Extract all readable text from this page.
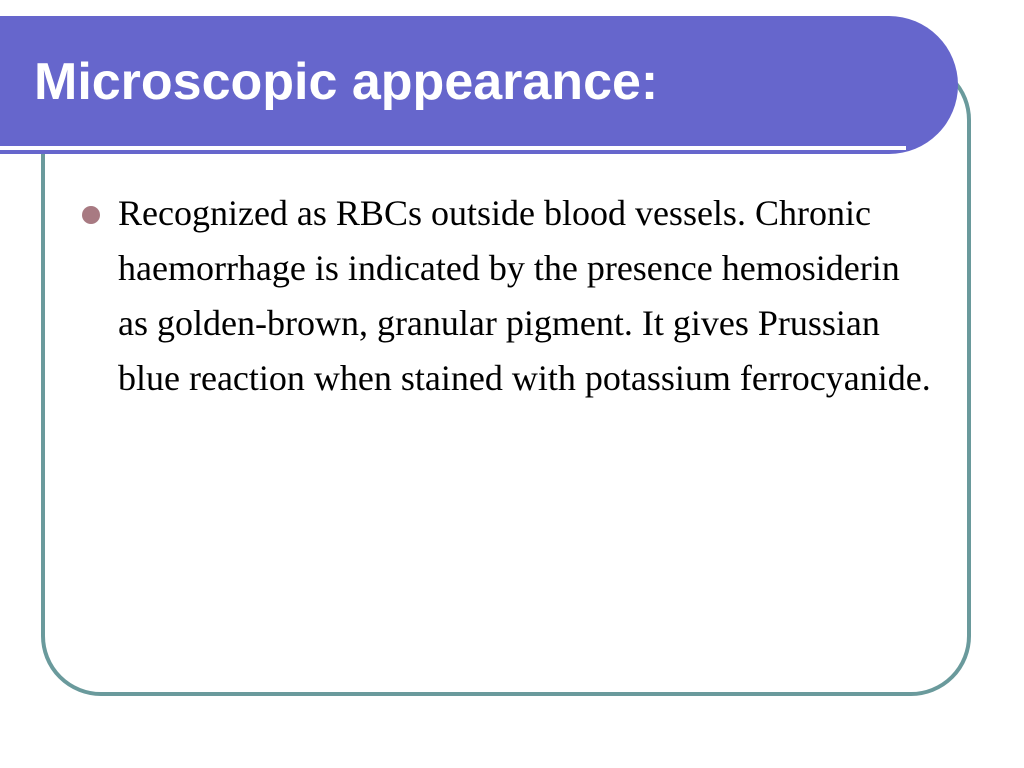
Microscopic appearance:
Recognized as RBCs outside blood vessels. Chronic haemorrhage is indicated by the presence hemosiderin as golden-brown, granular pigment. It gives Prussian blue reaction when stained with potassium ferrocyanide.
